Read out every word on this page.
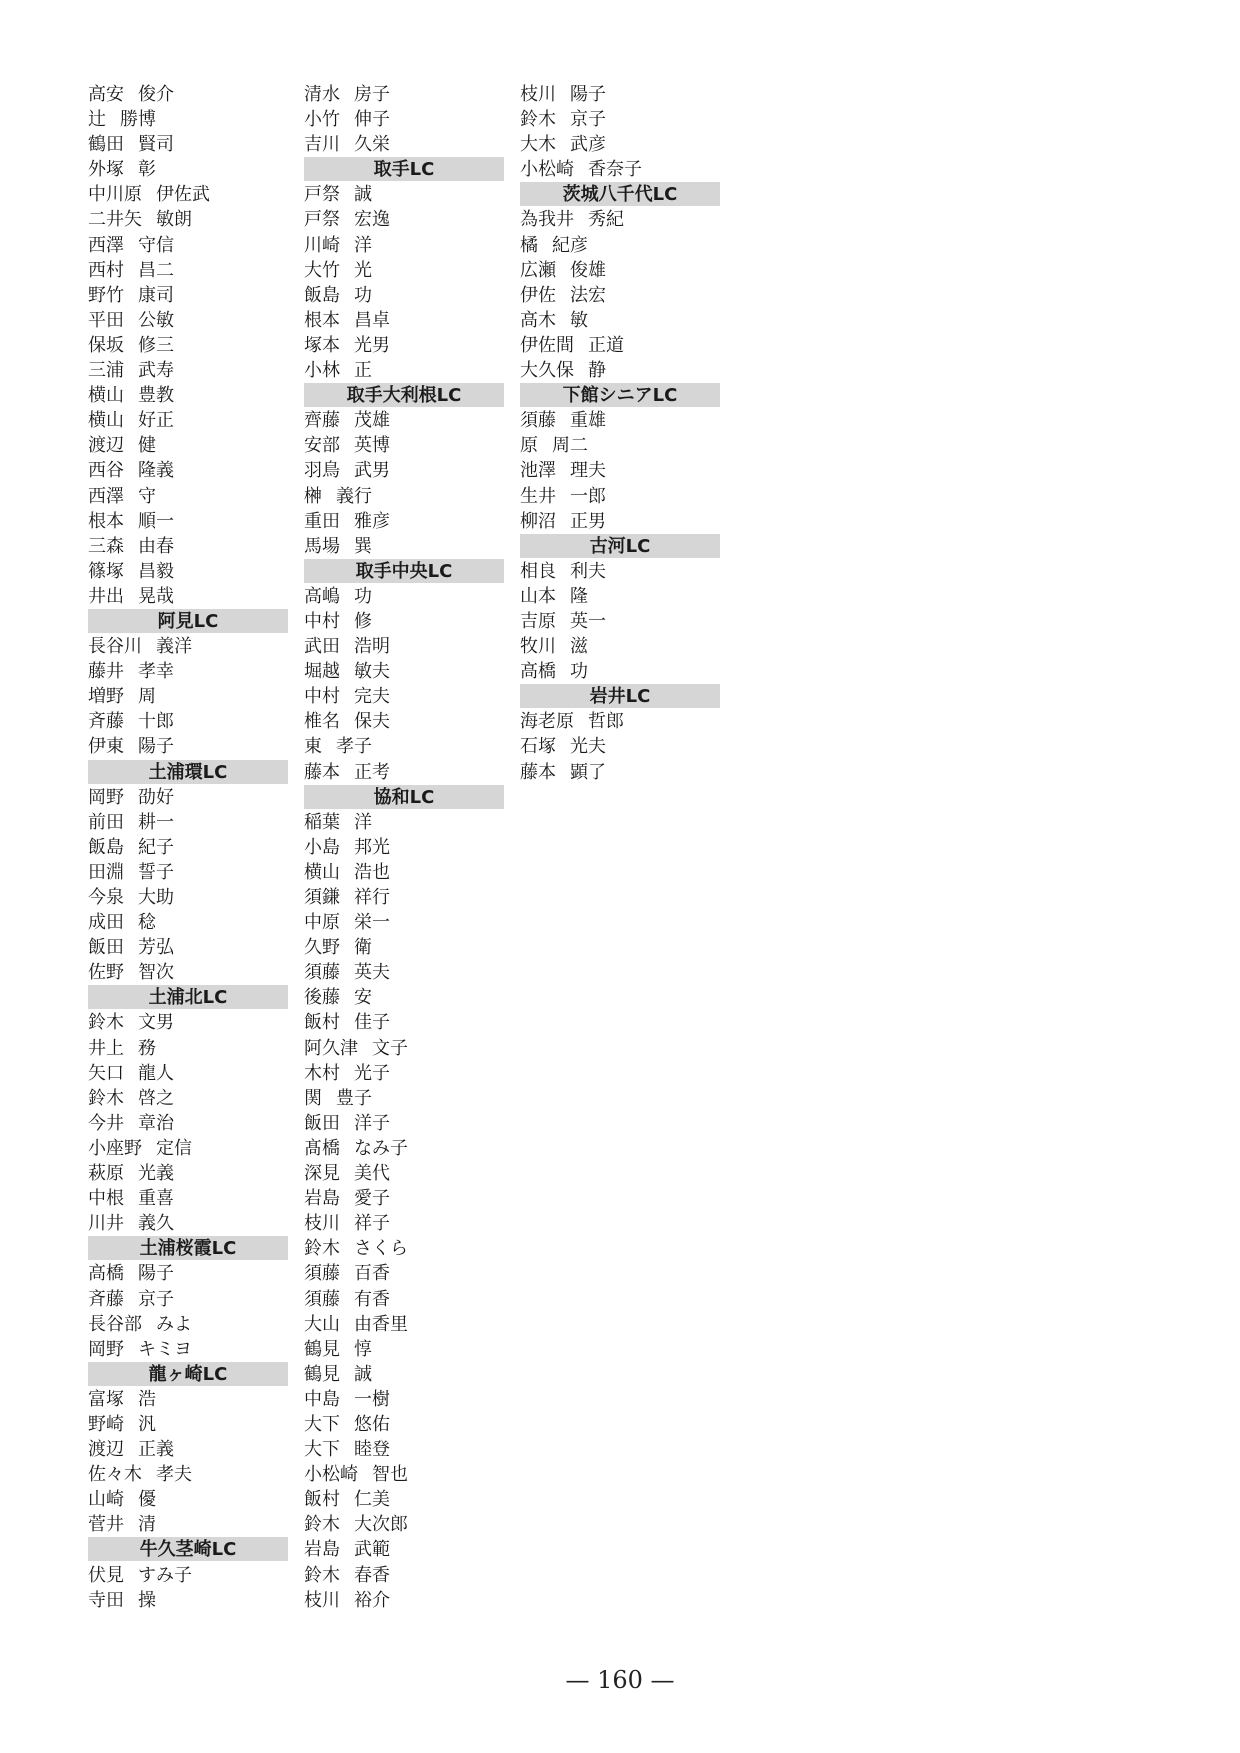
高安 俊介
辻 勝博
鶴田 賢司
外塚 彰
中川原 伊佐武
二井矢 敏朗
西澤 守信
西村 昌二
野竹 康司
平田 公敏
保坂 修三
三浦 武寿
横山 豊教
横山 好正
渡辺 健
西谷 隆義
西澤 守
根本 順一
三森 由春
篠塚 昌毅
井出 晃哉
阿見LC
長谷川 義洋
藤井 孝幸
増野 周
斉藤 十郎
伊東 陽子
土浦環LC
岡野 劭好
前田 耕一
飯島 紀子
田淵 誓子
今泉 大助
成田 稔
飯田 芳弘
佐野 智次
土浦北LC
鈴木 文男
井上 務
矢口 龍人
鈴木 啓之
今井 章治
小座野 定信
萩原 光義
中根 重喜
川井 義久
土浦桜霞LC
高橋 陽子
斉藤 京子
長谷部 みよ
岡野 キミヨ
龍ヶ崎LC
富塚 浩
野崎 汎
渡辺 正義
佐々木 孝夫
山崎 優
菅井 清
牛久茎崎LC
伏見 すみ子
寺田 操
清水 房子
小竹 伸子
吉川 久栄
取手LC
戸祭 誠
戸祭 宏逸
川崎 洋
大竹 光
飯島 功
根本 昌卓
塚本 光男
小林 正
取手大利根LC
齊藤 茂雄
安部 英博
羽鳥 武男
榊 義行
重田 雅彦
馬場 巽
取手中央LC
高嶋 功
中村 修
武田 浩明
堀越 敏夫
中村 完夫
椎名 保夫
東 孝子
藤本 正考
協和LC
稲葉 洋
小島 邦光
横山 浩也
須鎌 祥行
中原 栄一
久野 衛
須藤 英夫
後藤 安
飯村 佳子
阿久津 文子
木村 光子
関 豊子
飯田 洋子
髙橋 なみ子
深見 美代
岩島 愛子
枝川 祥子
鈴木 さくら
須藤 百香
須藤 有香
大山 由香里
鶴見 惇
鶴見 誠
中島 一樹
大下 悠佑
大下 睦登
小松崎 智也
飯村 仁美
鈴木 大次郎
岩島 武範
鈴木 春香
枝川 裕介
枝川 陽子
鈴木 京子
大木 武彦
小松崎 香奈子
茨城八千代LC
為我井 秀紀
橘 紀彦
広瀬 俊雄
伊佐 法宏
高木 敏
伊佐間 正道
大久保 静
下館シニアLC
須藤 重雄
原 周二
池澤 理夫
生井 一郎
柳沼 正男
古河LC
相良 利夫
山本 隆
吉原 英一
牧川 滋
高橋 功
岩井LC
海老原 哲郎
石塚 光夫
藤本 顕了
— 160 —
